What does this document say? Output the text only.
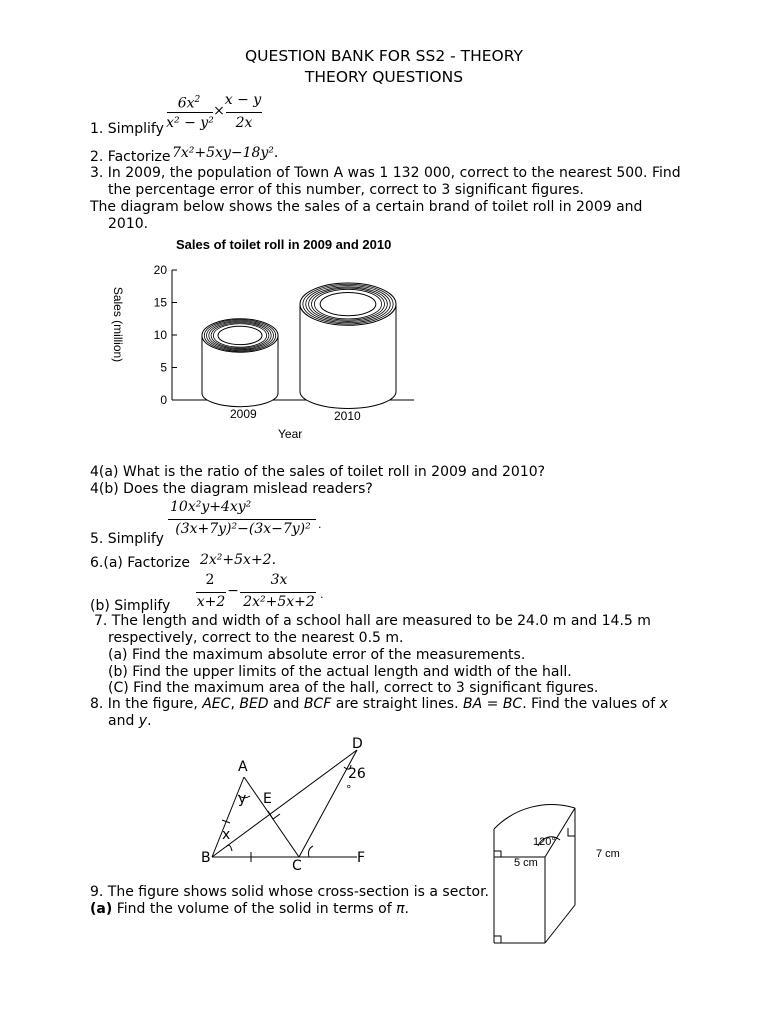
QUESTION BANK FOR SS2 - THEORY
THEORY QUESTIONS
1. Simplify
$6x^2$
x² − y²
×
x − y
2x
2. Factorize 7x²+5xy−18y².
3. In 2009, the population of Town A was 1 132 000, correct to the nearest 500. Find
the percentage error of this number, correct to 3 significant figures.
The diagram below shows the sales of a certain brand of toilet roll in 2009 and
2010.
Sales of toilet roll in 2009 and 2010
0
5
10
15
20
2009	2010
Year
Sales (million)
4(a) What is the ratio of the sales of toilet roll in 2009 and 2010?
4(b) Does the diagram mislead readers?
5. Simplify
10x²y+4xy²
(3x+7y)²−(3x−7y)² .
6.(a) Factorize 2x²+5x+2.
(b) Simplify
2
x+2
−
3x
2x²+5x+2 .
7. The length and width of a school hall are measured to be 24.0 m and 14.5 m
respectively, correct to the nearest 0.5 m.
(a) Find the maximum absolute error of the measurements.
(b) Find the upper limits of the actual length and width of the hall.
(C) Find the maximum area of the hall, correct to 3 significant figures.
8. In the figure, AEC, BED and BCF are straight lines. BA = BC. Find the values of x
and y.
A
B	C
D
E
F
x
y
26
°
120°
5 cm
7 cm
9. The figure shows solid whose cross-section is a sector.
(a) Find the volume of the solid in terms of π.
